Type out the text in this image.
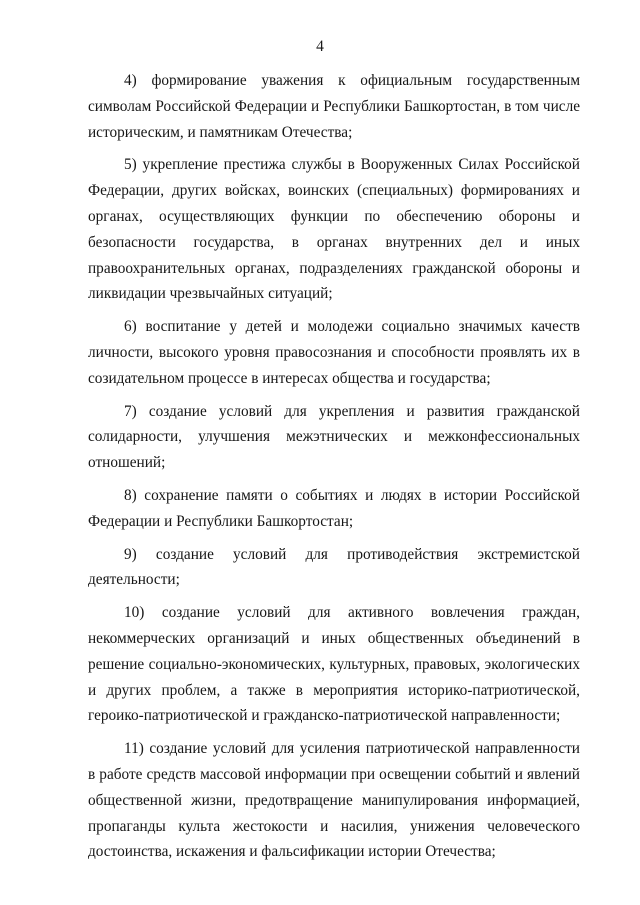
4

4) формирование уважения к официальным государственным символам Российской Федерации и Республики Башкортостан, в том числе историческим, и памятникам Отечества;

5) укрепление престижа службы в Вооруженных Силах Российской Федерации, других войсках, воинских (специальных) формированиях и органах, осуществляющих функции по обеспечению обороны и безопасности государства, в органах внутренних дел и иных правоохранительных органах, подразделениях гражданской обороны и ликвидации чрезвычайных ситуаций;

6) воспитание у детей и молодежи социально значимых качеств личности, высокого уровня правосознания и способности проявлять их в созидательном процессе в интересах общества и государства;

7) создание условий для укрепления и развития гражданской солидарности, улучшения межэтнических и межконфессиональных отношений;

8) сохранение памяти о событиях и людях в истории Российской Федерации и Республики Башкортостан;

9) создание условий для противодействия экстремистской деятельности;

10) создание условий для активного вовлечения граждан, некоммерческих организаций и иных общественных объединений в решение социально-экономических, культурных, правовых, экологических и других проблем, а также в мероприятия историко-патриотической, героико-патриотической и гражданско-патриотической направленности;

11) создание условий для усиления патриотической направленности в работе средств массовой информации при освещении событий и явлений общественной жизни, предотвращение манипулирования информацией, пропаганды культа жестокости и насилия, унижения человеческого достоинства, искажения и фальсификации истории Отечества;
